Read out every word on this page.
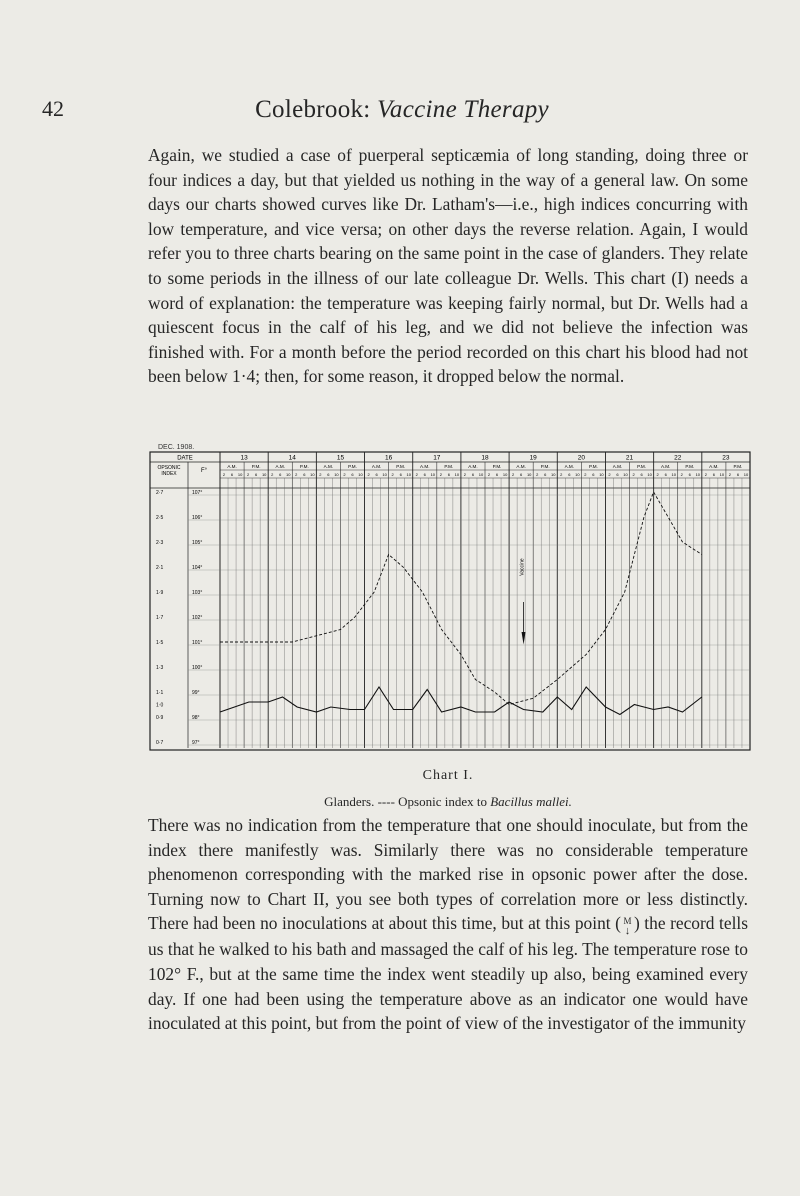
42	Colebrook: Vaccine Therapy

Again, we studied a case of puerperal septicæmia of long standing, doing three or four indices a day, but that yielded us nothing in the way of a general law. On some days our charts showed curves like Dr. Latham's—i.e., high indices concurring with low temperature, and vice versa; on other days the reverse relation. Again, I would refer you to three charts bearing on the same point in the case of glanders. They relate to some periods in the illness of our late colleague Dr. Wells. This chart (I) needs a word of explanation: the temperature was keeping fairly normal, but Dr. Wells had a quiescent focus in the calf of his leg, and we did not believe the infection was finished with. For a month before the period recorded on this chart his blood had not been below 1·4; then, for some reason, it dropped below the normal.

DEC. 1908.
DATE
OPSONIC
INDEX	F°
13
A.M.
2 6 10
P.M.
2 6 10
14
A.M.
2 6 10
P.M.
2 6 10
15
A.M.
2 6 10
P.M.
2 6 10
16
A.M.
2 6 10
P.M.
2 6 10
17
A.M.
2 6 10
P.M.
2 6 10
18
A.M.
2 6 10
P.M.
2 6 10
19
A.M.
2 6 10
P.M.
2 6 10
20
A.M.
2 6 10
P.M.
2 6 10
21
A.M.
2 6 10
P.M.
2 6 10
22
A.M.
2 6 10
P.M.
2 6 10
23
A.M.
2 6 10
P.M.
2 6 10
107°
106°
105°
104°
103°
102°
101°
100°
99°
98°
97°
2·7
2·5
2·3
2·1
1·9
1·7
1·5
1·3
1·1
1·0
0·9
0·7
Vaccine
Chart I.
Glanders. ---- Opsonic index to Bacillus mallei.

There was no indication from the temperature that one should inoculate, but from the index there manifestly was. Similarly there was no considerable temperature phenomenon corresponding with the marked rise in opsonic power after the dose. Turning now to Chart II, you see both types of correlation more or less distinctly. There had been no inoculations at about this time, but at this point ( M
↓ ) the record tells us that he walked to his bath and massaged the calf of his leg. The temperature rose to 102° F., but at the same time the index went steadily up also, being examined every day. If one had been using the temperature above as an indicator one would have inoculated at this point, but from the point of view of the investigator of the immunity
